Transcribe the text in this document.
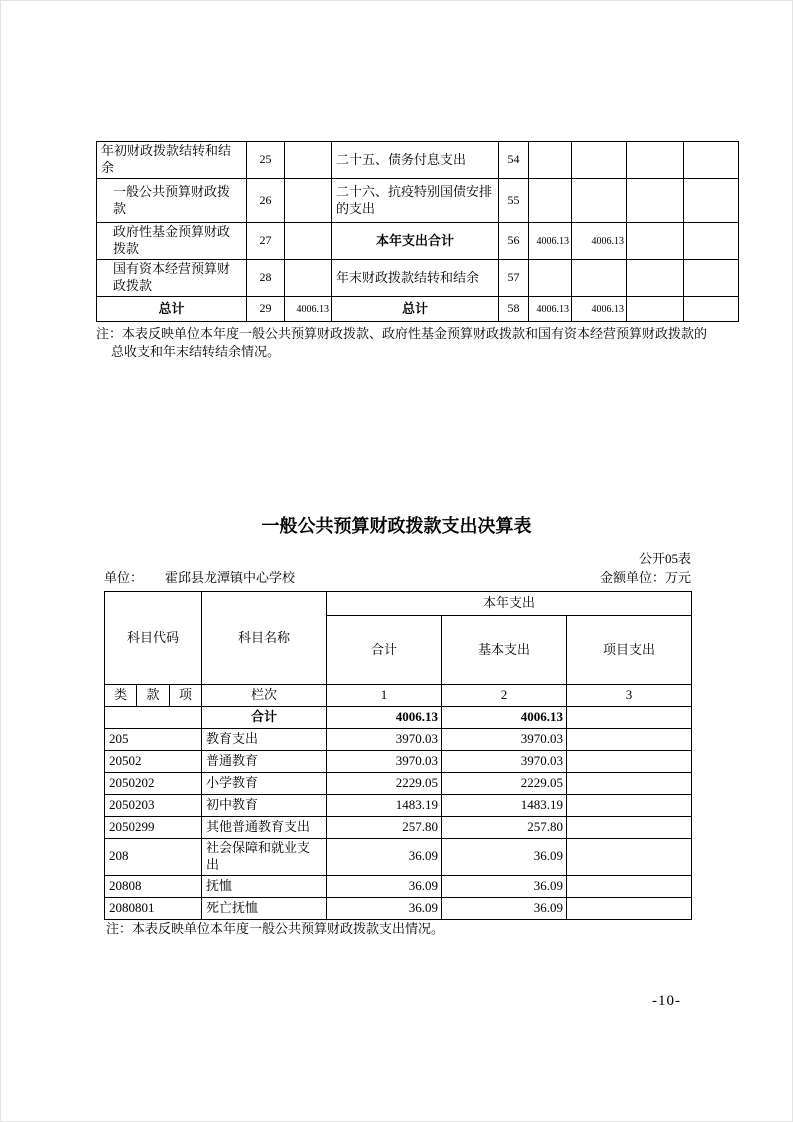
年初财政拨款结转和结余	25		二十五、债务付息支出	54				
一般公共预算财政拨款	26		二十六、抗疫特别国债安排的支出	55				
政府性基金预算财政拨款	27		本年支出合计	56	4006.13	4006.13		
国有资本经营预算财政拨款	28		年末财政拨款结转和结余	57				
总计	29	4006.13	总计	58	4006.13	4006.13		
注：本表反映单位本年度一般公共预算财政拨款、政府性基金预算财政拨款和国有资本经营预算财政拨款的总收支和年末结转结余情况。
一般公共预算财政拨款支出决算表
公开05表
单位： 霍邱县龙潭镇中心学校	金额单位：万元
科目代码			科目名称	本年支出		
				合计	基本支出	项目支出
类	款	项	栏次	1	2	3
			合计	4006.13	4006.13	
205			教育支出	3970.03	3970.03	
20502			普通教育	3970.03	3970.03	
2050202			小学教育	2229.05	2229.05	
2050203			初中教育	1483.19	1483.19	
2050299			其他普通教育支出	257.80	257.80	
208			社会保障和就业支出	36.09	36.09	
20808			抚恤	36.09	36.09	
2080801			死亡抚恤	36.09	36.09	
注：本表反映单位本年度一般公共预算财政拨款支出情况。
-10-
